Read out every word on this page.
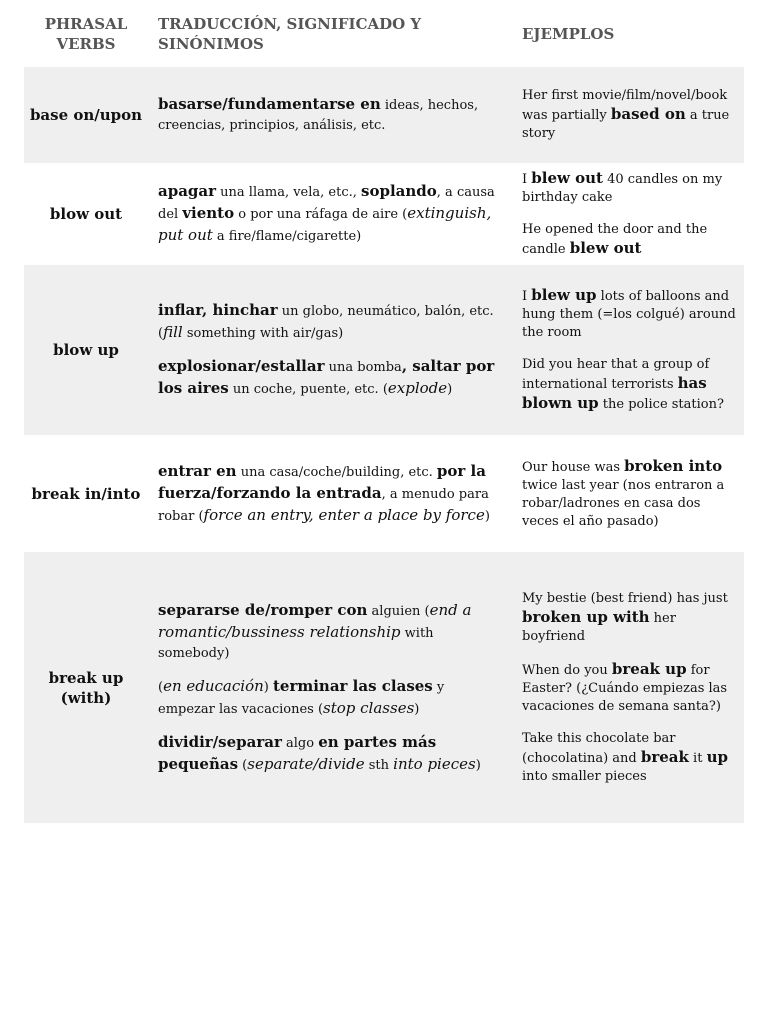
PHRASAL VERBS
TRADUCCIÓN, SIGNIFICADO Y SINÓNIMOS
EJEMPLOS
base on/upon

basarse/fundamentarse en ideas, hechos, creencias, principios, análisis, etc.

Her first movie/film/novel/book was partially based on a true story

blow out

apagar una llama, vela, etc., soplando, a causa del viento o por una ráfaga de aire (extinguish, put out a fire/flame/cigarette)

I blew out 40 candles on my birthday cake

He opened the door and the candle blew out

blow up

inflar, hinchar un globo, neumático, balón, etc. (fill something with air/gas)

explosionar/estallar una bomba, saltar por los aires un coche, puente, etc. (explode)

I blew up lots of balloons and hung them (=los colgué) around the room

Did you hear that a group of international terrorists has blown up the police station?

break in/into

entrar en una casa/coche/building, etc. por la fuerza/forzando la entrada, a menudo para robar (force an entry, enter a place by force)

Our house was broken into twice last year (nos entraron a robar/ladrones en casa dos veces el año pasado)

break up (with)

separarse de/romper con alguien (end a romantic/bussiness relationship with somebody)

(en educación) terminar las clases y empezar las vacaciones (stop classes)

dividir/separar algo en partes más pequeñas (separate/divide sth into pieces)

My bestie (best friend) has just broken up with her boyfriend

When do you break up for Easter? (¿Cuándo empiezas las vacaciones de semana santa?)

Take this chocolate bar (chocolatina) and break it up into smaller pieces
